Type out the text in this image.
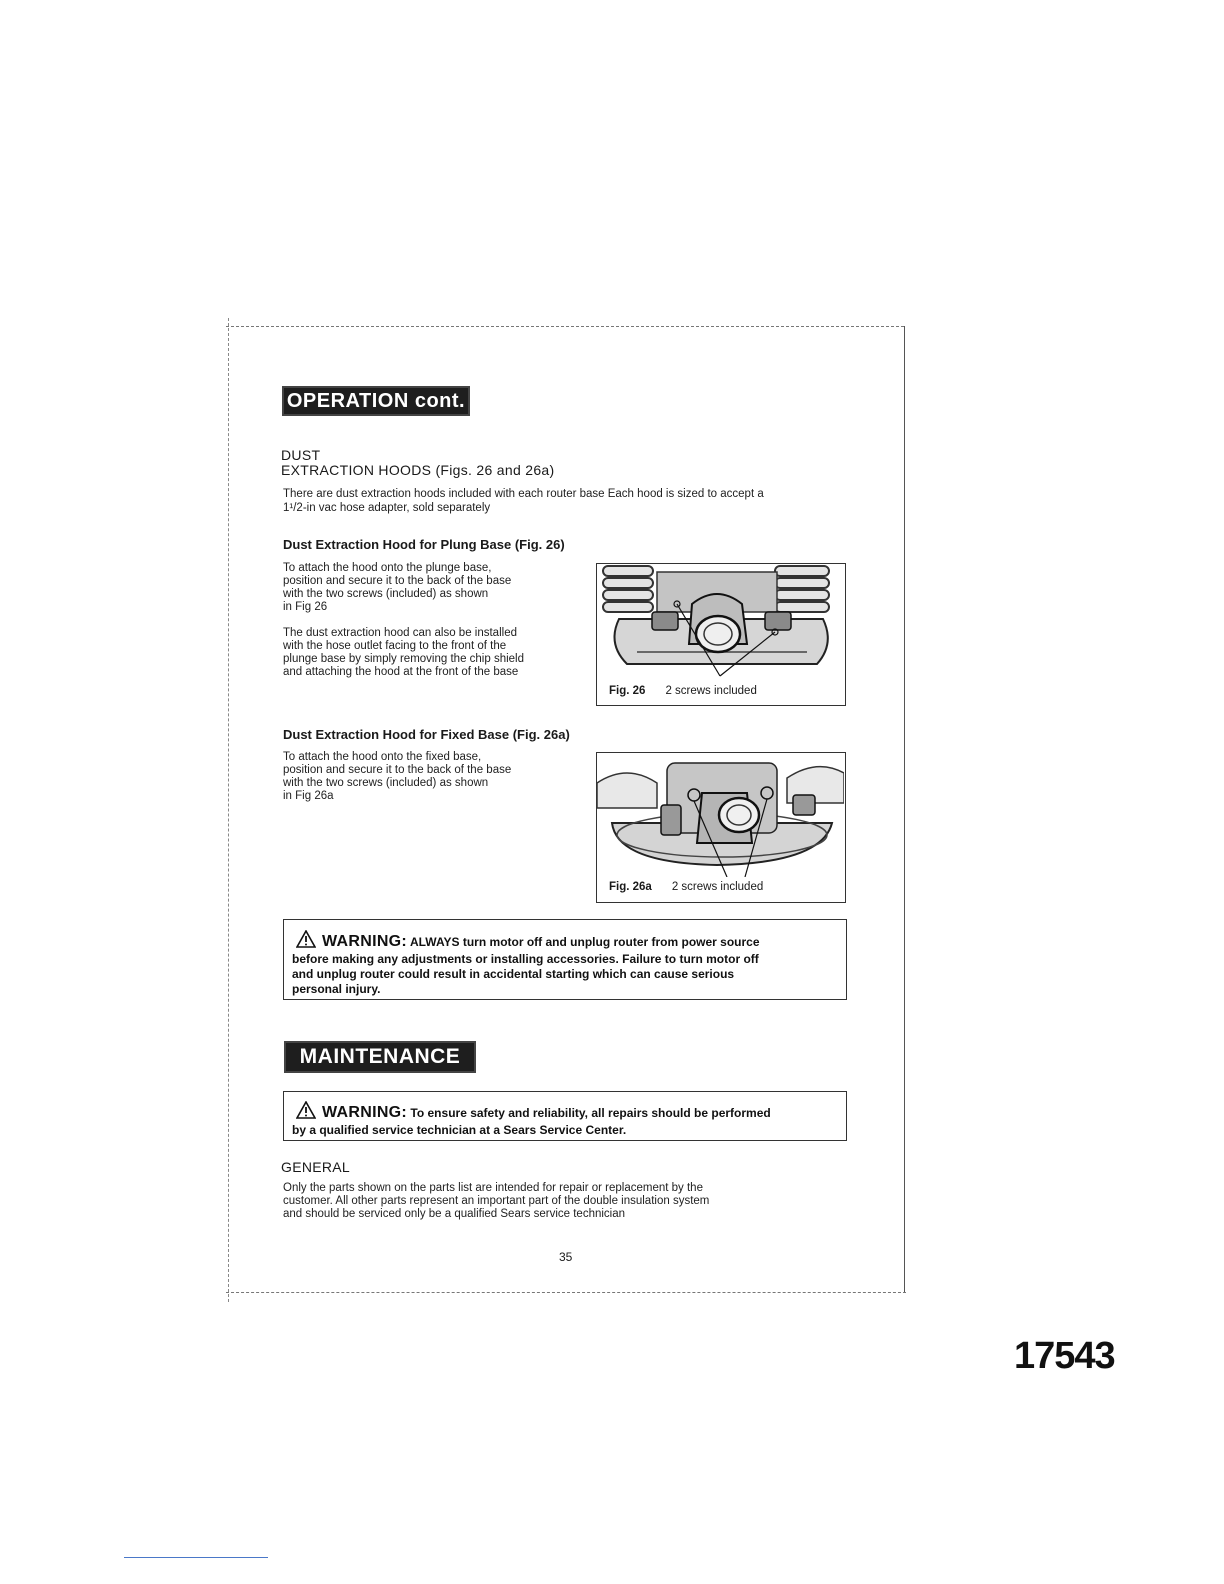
OPERATION cont.
DUST
EXTRACTION HOODS (Figs. 26 and 26a)
There are dust extraction hoods included with each router base Each hood is sized to accept a
1¹/2-in vac hose adapter, sold separately
Dust Extraction Hood for Plung Base (Fig. 26)
To attach the hood onto the plunge base,
position and secure it to the back of the base
with the two screws (included) as shown
in Fig 26
The dust extraction hood can also be installed
with the hose outlet facing to the front of the
plunge base by simply removing the chip shield
and attaching the hood at the front of the base
Fig. 26 2 screws included
Dust Extraction Hood for Fixed Base (Fig. 26a)
To attach the hood onto the fixed base,
position and secure it to the back of the base
with the two screws (included) as shown
in Fig 26a
Fig. 26a 2 screws included
WARNING: ALWAYS turn motor off and unplug router from power source
before making any adjustments or installing accessories. Failure to turn motor off
and unplug router could result in accidental starting which can cause serious
personal injury.
MAINTENANCE
WARNING: To ensure safety and reliability, all repairs should be performed
by a qualified service technician at a Sears Service Center.
GENERAL
Only the parts shown on the parts list are intended for repair or replacement by the
customer. All other parts represent an important part of the double insulation system
and should be serviced only be a qualified Sears service technician
35
17543
